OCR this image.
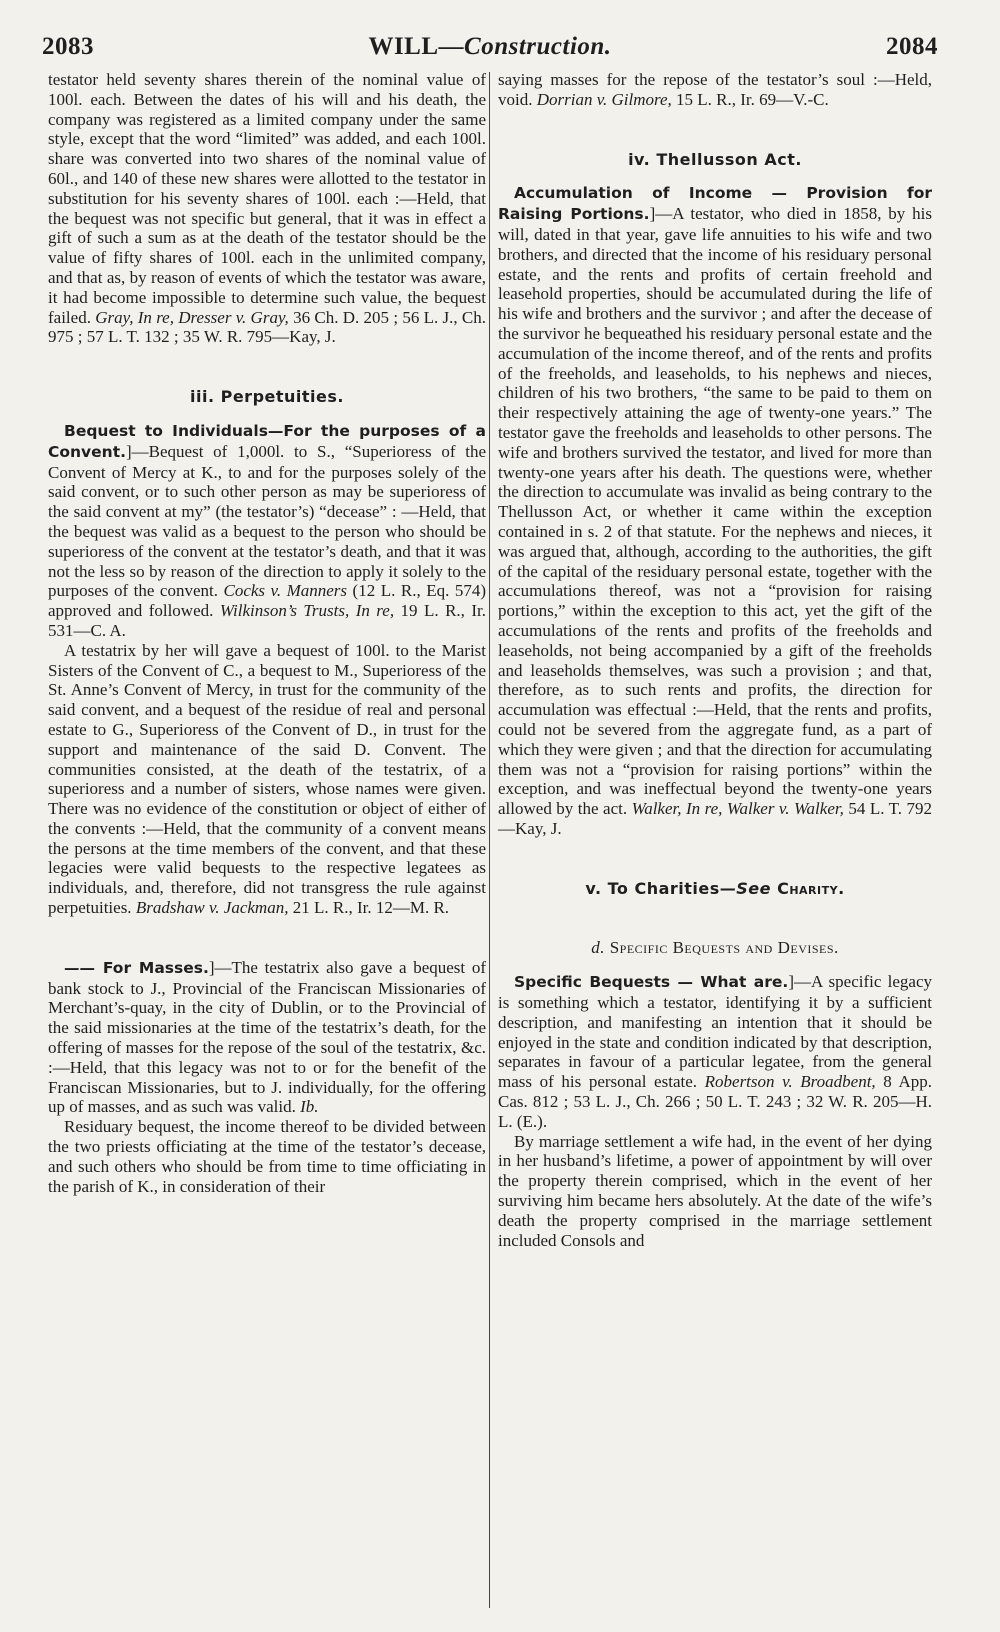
2083	WILL—Construction.	2084

testator held seventy shares therein of the nominal value of 100l. each. Between the dates of his will and his death, the company was registered as a limited company under the same style, except that the word “limited” was added, and each 100l. share was converted into two shares of the nominal value of 60l., and 140 of these new shares were allotted to the testator in substitution for his seventy shares of 100l. each :—Held, that the bequest was not specific but general, that it was in effect a gift of such a sum as at the death of the testator should be the value of fifty shares of 100l. each in the unlimited company, and that as, by reason of events of which the testator was aware, it had become impossible to determine such value, the bequest failed. Gray, In re, Dresser v. Gray, 36 Ch. D. 205 ; 56 L. J., Ch. 975 ; 57 L. T. 132 ; 35 W. R. 795—Kay, J.

iii. Perpetuities.

Bequest to Individuals—For the purposes of a Convent.]—Bequest of 1,000l. to S., “Superioress of the Convent of Mercy at K., to and for the purposes solely of the said convent, or to such other person as may be superioress of the said convent at my” (the testator’s) “decease” : —Held, that the bequest was valid as a bequest to the person who should be superioress of the convent at the testator’s death, and that it was not the less so by reason of the direction to apply it solely to the purposes of the convent. Cocks v. Manners (12 L. R., Eq. 574) approved and followed. Wilkinson’s Trusts, In re, 19 L. R., Ir. 531—C. A.

A testatrix by her will gave a bequest of 100l. to the Marist Sisters of the Convent of C., a bequest to M., Superioress of the St. Anne’s Convent of Mercy, in trust for the community of the said convent, and a bequest of the residue of real and personal estate to G., Superioress of the Convent of D., in trust for the support and maintenance of the said D. Convent. The communities consisted, at the death of the testatrix, of a superioress and a number of sisters, whose names were given. There was no evidence of the constitution or object of either of the convents :—Held, that the community of a convent means the persons at the time members of the convent, and that these legacies were valid bequests to the respective legatees as individuals, and, therefore, did not transgress the rule against perpetuities. Bradshaw v. Jackman, 21 L. R., Ir. 12—M. R.

—— For Masses.]—The testatrix also gave a bequest of bank stock to J., Provincial of the Franciscan Missionaries of Merchant’s-quay, in the city of Dublin, or to the Provincial of the said missionaries at the time of the testatrix’s death, for the offering of masses for the repose of the soul of the testatrix, &c. :—Held, that this legacy was not to or for the benefit of the Franciscan Missionaries, but to J. individually, for the offering up of masses, and as such was valid. Ib.

Residuary bequest, the income thereof to be divided between the two priests officiating at the time of the testator’s decease, and such others who should be from time to time officiating in the parish of K., in consideration of their

saying masses for the repose of the testator’s soul :—Held, void. Dorrian v. Gilmore, 15 L. R., Ir. 69—V.-C.

iv. Thellusson Act.

Accumulation of Income — Provision for Raising Portions.]—A testator, who died in 1858, by his will, dated in that year, gave life annuities to his wife and two brothers, and directed that the income of his residuary personal estate, and the rents and profits of certain freehold and leasehold properties, should be accumulated during the life of his wife and brothers and the survivor ; and after the decease of the survivor he bequeathed his residuary personal estate and the accumulation of the income thereof, and of the rents and profits of the freeholds, and leaseholds, to his nephews and nieces, children of his two brothers, “the same to be paid to them on their respectively attaining the age of twenty-one years.” The testator gave the freeholds and leaseholds to other persons. The wife and brothers survived the testator, and lived for more than twenty-one years after his death. The questions were, whether the direction to accumulate was invalid as being contrary to the Thellusson Act, or whether it came within the exception contained in s. 2 of that statute. For the nephews and nieces, it was argued that, although, according to the authorities, the gift of the capital of the residuary personal estate, together with the accumulations thereof, was not a “provision for raising portions,” within the exception to this act, yet the gift of the accumulations of the rents and profits of the freeholds and leaseholds, not being accompanied by a gift of the freeholds and leaseholds themselves, was such a provision ; and that, therefore, as to such rents and profits, the direction for accumulation was effectual :—Held, that the rents and profits, could not be severed from the aggregate fund, as a part of which they were given ; and that the direction for accumulating them was not a “provision for raising portions” within the exception, and was ineffectual beyond the twenty-one years allowed by the act. Walker, In re, Walker v. Walker, 54 L. T. 792—Kay, J.

v. To Charities—See Charity.
d. Specific Bequests and Devises.

Specific Bequests — What are.]—A specific legacy is something which a testator, identifying it by a sufficient description, and manifesting an intention that it should be enjoyed in the state and condition indicated by that description, separates in favour of a particular legatee, from the general mass of his personal estate. Robertson v. Broadbent, 8 App. Cas. 812 ; 53 L. J., Ch. 266 ; 50 L. T. 243 ; 32 W. R. 205—H. L. (E.).

By marriage settlement a wife had, in the event of her dying in her husband’s lifetime, a power of appointment by will over the property therein comprised, which in the event of her surviving him became hers absolutely. At the date of the wife’s death the property comprised in the marriage settlement included Consols and
